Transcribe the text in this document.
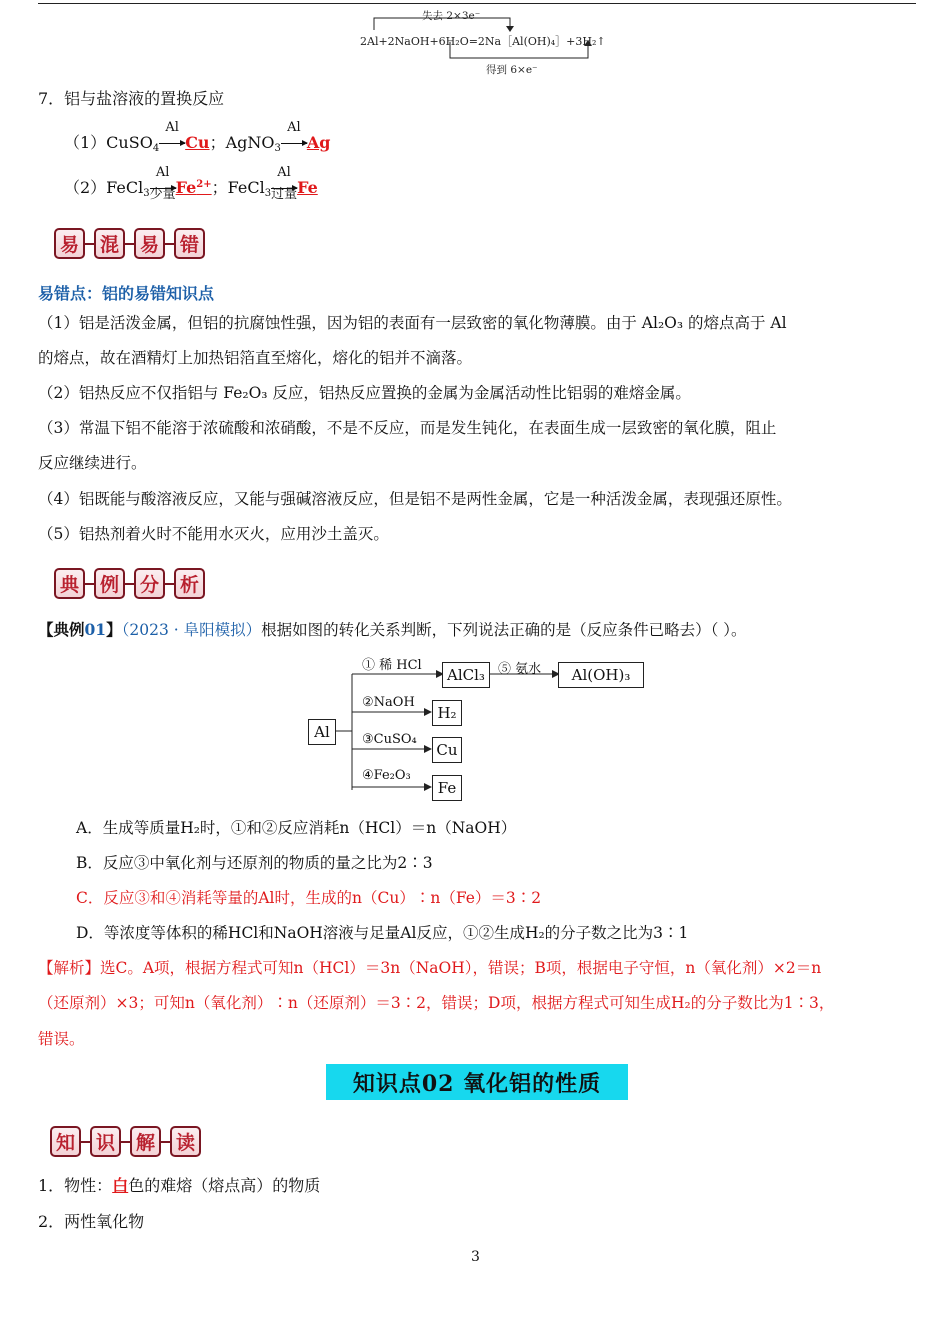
失去 2×3e⁻
2Al+2NaOH+6H₂O=2Na［Al(OH)₄］+3H₂↑
得到 6×e⁻
7．铝与盐溶液的置换反应
（1）CuSO$_4$
Al
Cu；AgNO$_3$
Al
Ag
（2）FeCl$_3$
Al
少量 $Fe^{2+}$；FeCl$_3$
Al
过量 Fe
易	混	易	错
易错点：铝的易错知识点
（1）铝是活泼金属，但铝的抗腐蚀性强，因为铝的表面有一层致密的氧化物薄膜。由于 Al₂O₃ 的熔点高于 Al
的熔点，故在酒精灯上加热铝箔直至熔化，熔化的铝并不滴落。
（2）铝热反应不仅指铝与 Fe₂O₃ 反应，铝热反应置换的金属为金属活动性比铝弱的难熔金属。
（3）常温下铝不能溶于浓硫酸和浓硝酸，不是不反应，而是发生钝化，在表面生成一层致密的氧化膜，阻止
反应继续进行。
（4）铝既能与酸溶液反应，又能与强碱溶液反应，但是铝不是两性金属，它是一种活泼金属，表现强还原性。
（5）铝热剂着火时不能用水灭火，应用沙土盖灭。
典	例	分	析
【典例01】（2023 · 阜阳模拟）根据如图的转化关系判断，下列说法正确的是（反应条件已略去）（ ）。
Al
① 稀 HCl
AlCl₃	⑤ 氨水	Al(OH)₃
②NaOH
H₂
③CuSO₄
Cu
④Fe₂O₃
Fe
A．生成等质量H₂时，①和②反应消耗n（HCl）＝n（NaOH）
B．反应③中氧化剂与还原剂的物质的量之比为2∶3
C．反应③和④消耗等量的Al时，生成的n（Cu）∶n（Fe）＝3∶2
D．等浓度等体积的稀HCl和NaOH溶液与足量Al反应，①②生成H₂的分子数之比为3∶1
【解析】选C。A项，根据方程式可知n（HCl）＝3n（NaOH），错误；B项，根据电子守恒，n（氧化剂）×2＝n
（还原剂）×3；可知n（氧化剂）∶n（还原剂）＝3∶2，错误；D项，根据方程式可知生成H₂的分子数比为1∶3，
错误。
知识点02 氧化铝的性质
知	识	解	读
1．物性：白色的难熔（熔点高）的物质
2．两性氧化物
3
